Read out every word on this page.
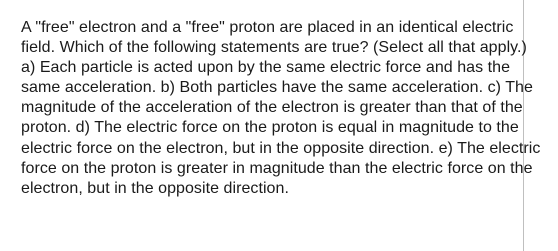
A "free" electron and a "free" proton are placed in an identical electric field. Which of the following statements are true? (Select all that apply.) a) Each particle is acted upon by the same electric force and has the same acceleration. b) Both particles have the same acceleration. c) The magnitude of the acceleration of the electron is greater than that of the proton. d) The electric force on the proton is equal in magnitude to the electric force on the electron, but in the opposite direction. e) The electric force on the proton is greater in magnitude than the electric force on the electron, but in the opposite direction.
